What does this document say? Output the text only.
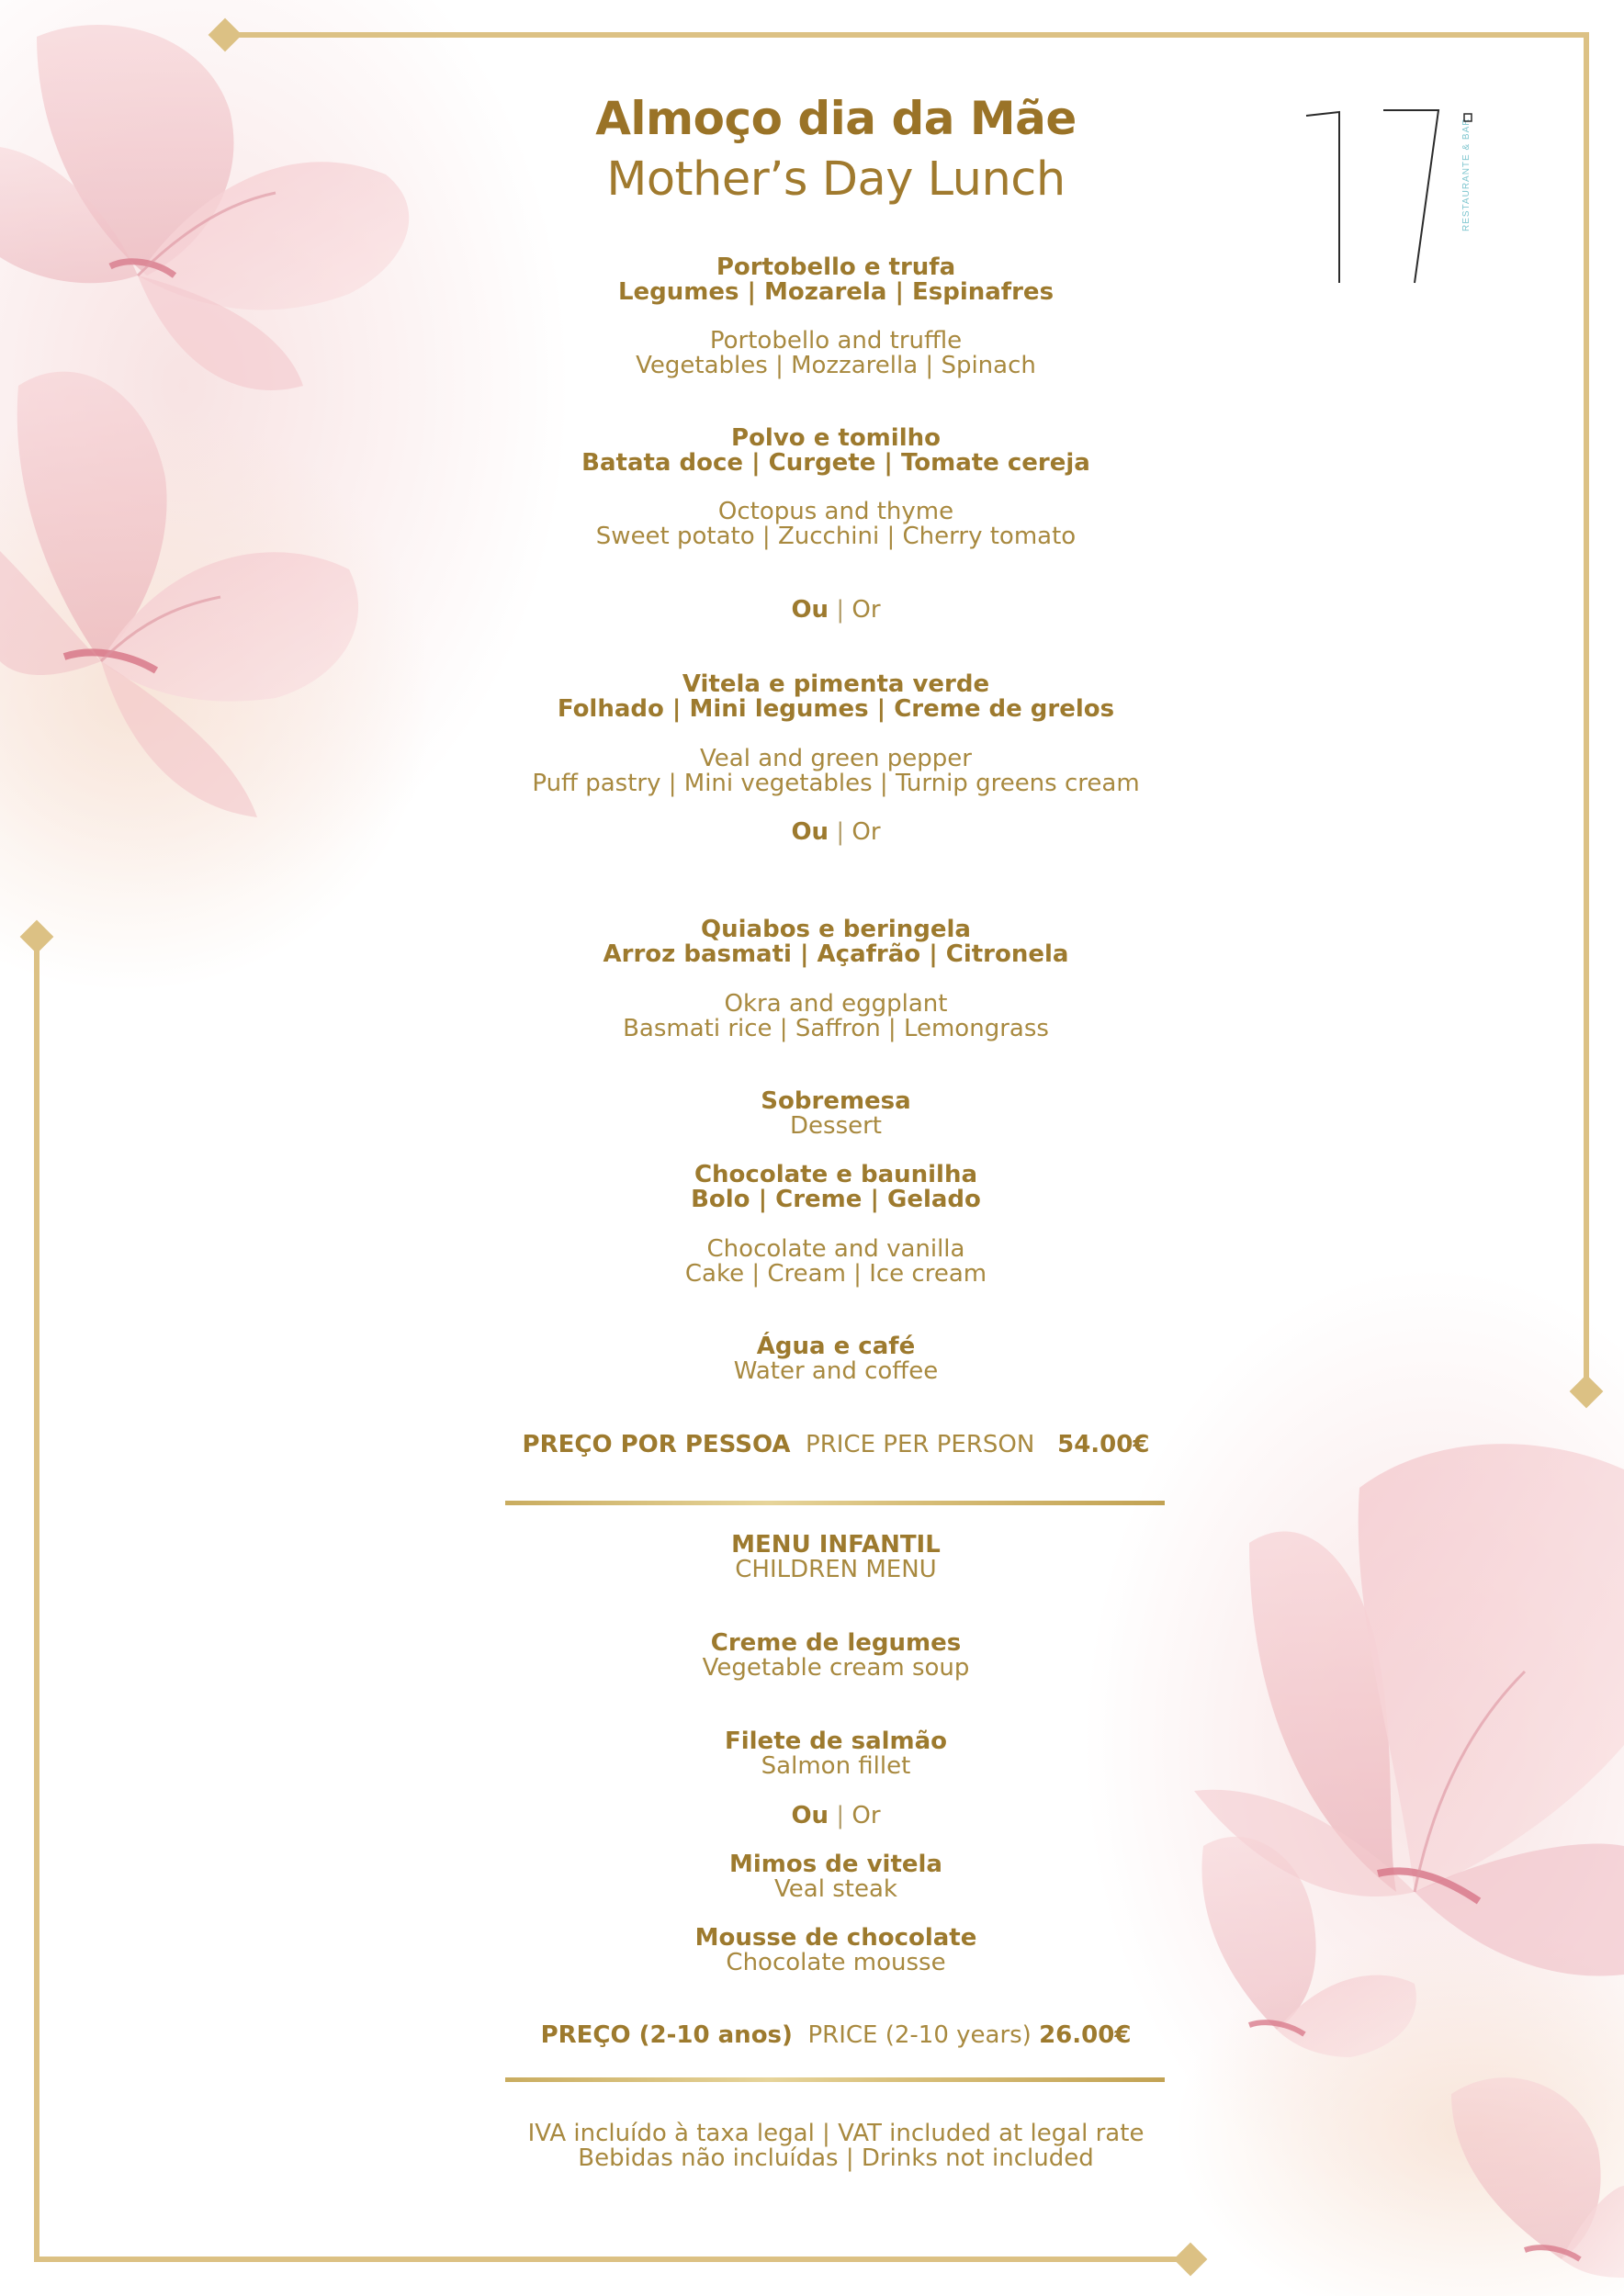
RESTAURANTE & BAR
Almoço dia da Mãe
Mother’s Day Lunch
Portobello e trufa
Legumes | Mozarela | Espinafres
Portobello and truffle
Vegetables | Mozzarella | Spinach
Polvo e tomilho
Batata doce | Curgete | Tomate cereja
Octopus and thyme
Sweet potato | Zucchini | Cherry tomato
Ou | Or
Vitela e pimenta verde
Folhado | Mini legumes | Creme de grelos
Veal and green pepper
Puff pastry | Mini vegetables | Turnip greens cream
Ou | Or
Quiabos e beringela
Arroz basmati | Açafrão | Citronela
Okra and eggplant
Basmati rice | Saffron | Lemongrass
Sobremesa
Dessert
Chocolate e baunilha
Bolo | Creme | Gelado
Chocolate and vanilla
Cake | Cream | Ice cream
Água e café
Water and coffee
PREÇO POR PESSOA PRICE PER PERSON 54.00€
MENU INFANTIL
CHILDREN MENU
Creme de legumes
Vegetable cream soup
Filete de salmão
Salmon fillet
Ou | Or
Mimos de vitela
Veal steak
Mousse de chocolate
Chocolate mousse
PREÇO (2-10 anos) PRICE (2-10 years) 26.00€
IVA incluído à taxa legal | VAT included at legal rate
Bebidas não incluídas | Drinks not included
